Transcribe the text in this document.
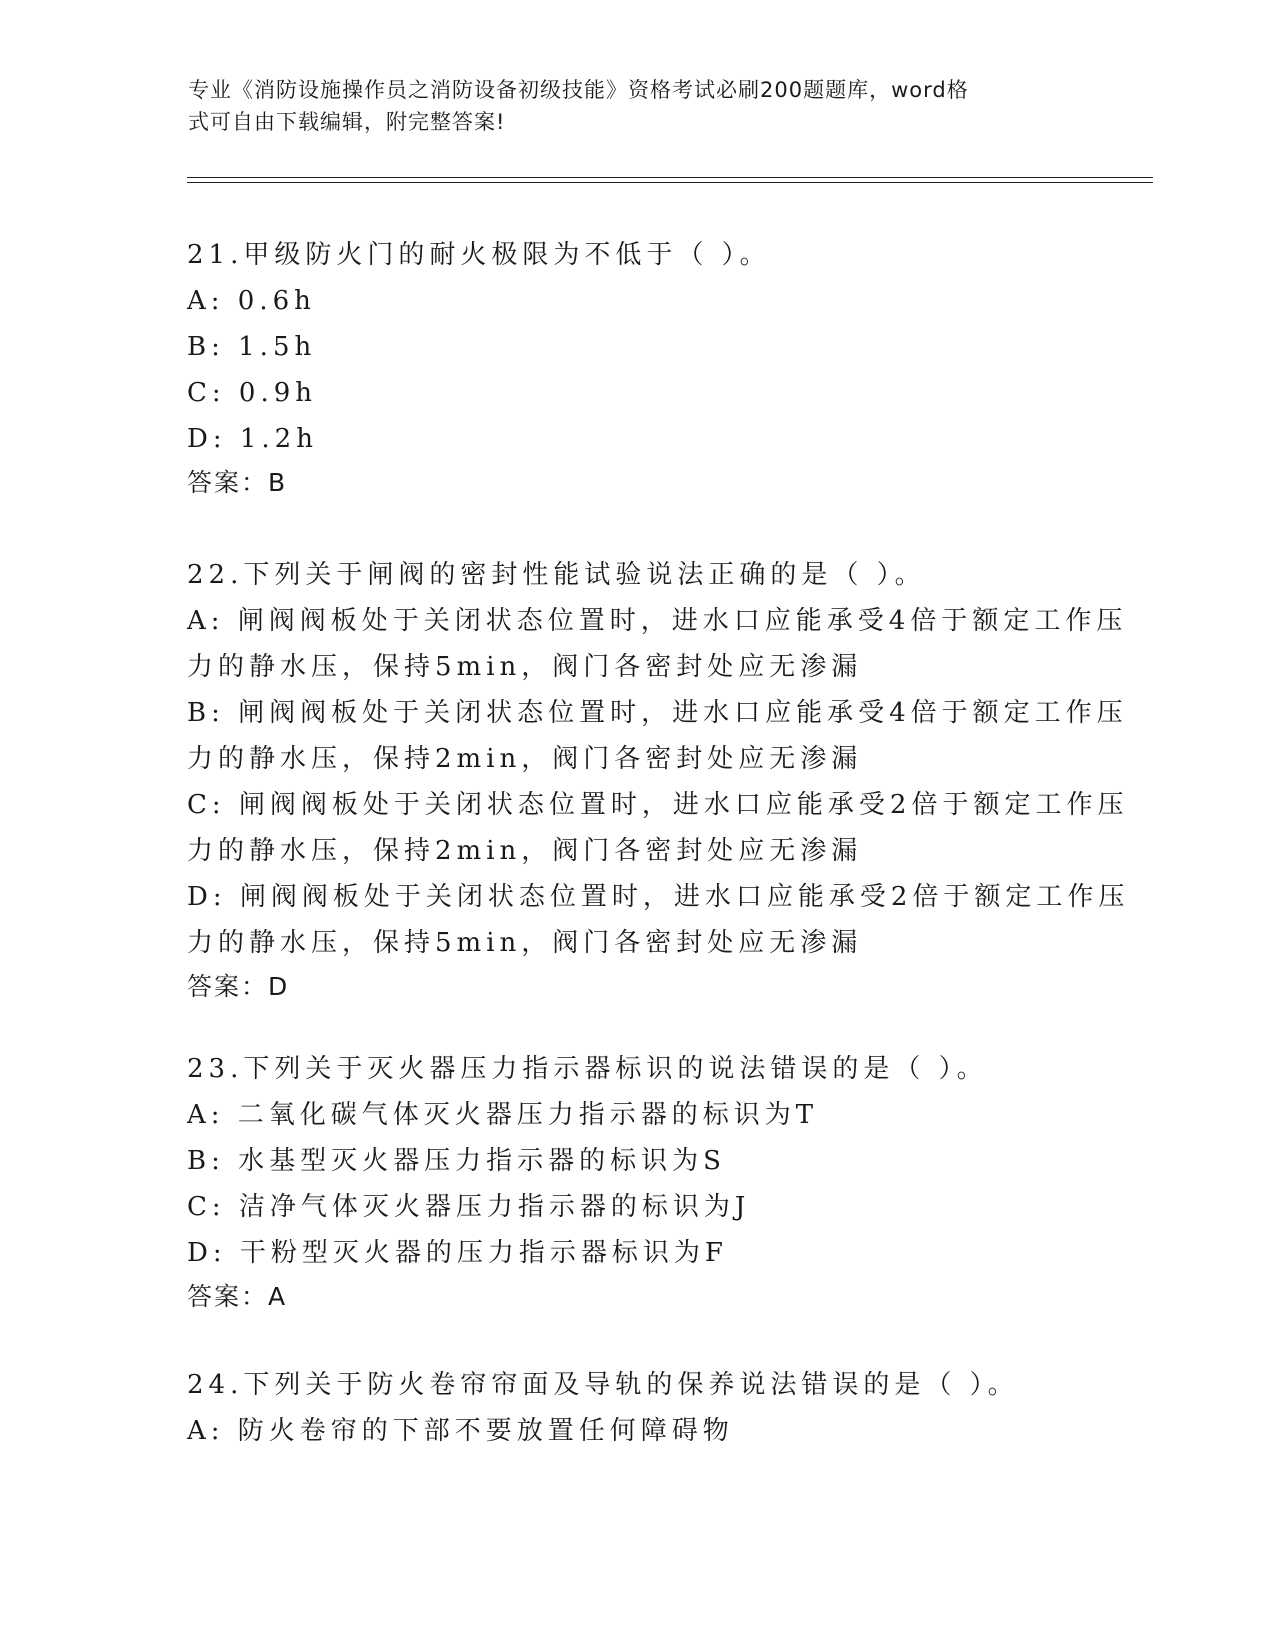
专业《消防设施操作员之消防设备初级技能》资格考试必刷200题题库，word格
式可自由下载编辑，附完整答案!
21.甲级防火门的耐火极限为不低于（ ）。
A: 0.6h
B: 1.5h
C: 0.9h
D: 1.2h
答案：B
22.下列关于闸阀的密封性能试验说法正确的是（ ）。
A: 闸阀阀板处于关闭状态位置时，进水口应能承受4倍于额定工作压
力的静水压，保持5min，阀门各密封处应无渗漏
B: 闸阀阀板处于关闭状态位置时，进水口应能承受4倍于额定工作压
力的静水压，保持2min，阀门各密封处应无渗漏
C: 闸阀阀板处于关闭状态位置时，进水口应能承受2倍于额定工作压
力的静水压，保持2min，阀门各密封处应无渗漏
D: 闸阀阀板处于关闭状态位置时，进水口应能承受2倍于额定工作压
力的静水压，保持5min，阀门各密封处应无渗漏
答案：D
23.下列关于灭火器压力指示器标识的说法错误的是（ ）。
A: 二氧化碳气体灭火器压力指示器的标识为T
B: 水基型灭火器压力指示器的标识为S
C: 洁净气体灭火器压力指示器的标识为J
D: 干粉型灭火器的压力指示器标识为F
答案：A
24.下列关于防火卷帘帘面及导轨的保养说法错误的是（ ）。
A: 防火卷帘的下部不要放置任何障碍物
